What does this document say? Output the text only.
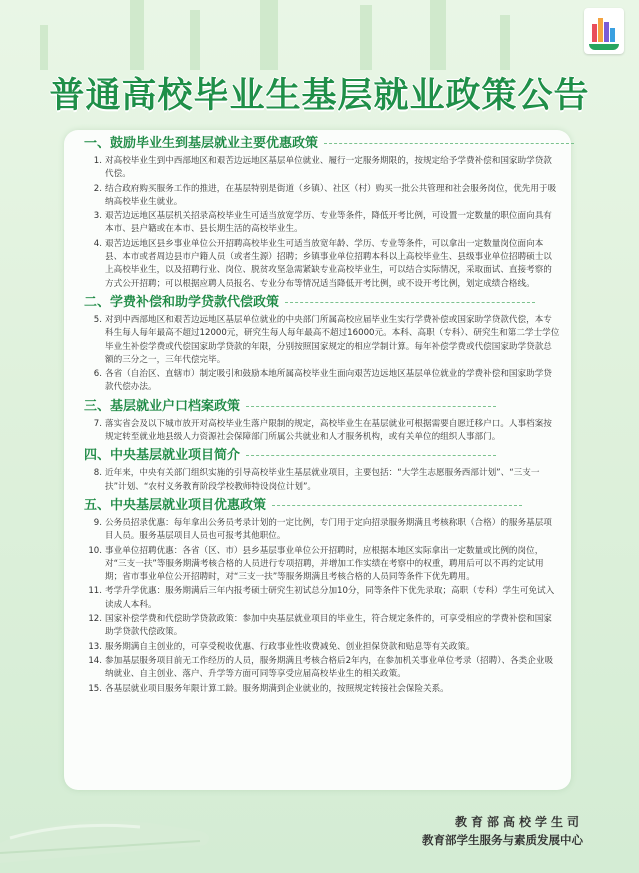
普通高校毕业生基层就业政策公告
一、鼓励毕业生到基层就业主要优惠政策
1. 对高校毕业生到中西部地区和艰苦边远地区基层单位就业、履行一定服务期限的，按规定给予学费补偿和国家助学贷款代偿。
2. 结合政府购买服务工作的推进，在基层特别是街道（乡镇）、社区（村）购买一批公共管理和社会服务岗位，优先用于吸纳高校毕业生就业。
3. 艰苦边远地区基层机关招录高校毕业生可适当放宽学历、专业等条件，降低开考比例，可设置一定数量的职位面向具有本市、县户籍或在本市、县长期生活的高校毕业生。
4. 艰苦边远地区县乡事业单位公开招聘高校毕业生可适当放宽年龄、学历、专业等条件，可以拿出一定数量岗位面向本县、本市或者周边县市户籍人员（或者生源）招聘；乡镇事业单位招聘本科以上高校毕业生、县级事业单位招聘硕士以上高校毕业生，以及招聘行业、岗位、脱贫攻坚急需紧缺专业高校毕业生，可以结合实际情况，采取面试、直接考察的方式公开招聘；可以根据应聘人员报名、专业分布等情况适当降低开考比例，或不设开考比例，划定成绩合格线。
二、学费补偿和助学贷款代偿政策
5. 对到中西部地区和艰苦边远地区基层单位就业的中央部门所属高校应届毕业生实行学费补偿或国家助学贷款代偿，本专科生每人每年最高不超过12000元，研究生每人每年最高不超过16000元。本科、高职（专科）、研究生和第二学士学位毕业生补偿学费或代偿国家助学贷款的年限，分别按照国家规定的相应学制计算。每年补偿学费或代偿国家助学贷款总额的三分之一，三年代偿完毕。
6. 各省（自治区、直辖市）制定吸引和鼓励本地所属高校毕业生面向艰苦边远地区基层单位就业的学费补偿和国家助学贷款代偿办法。
三、基层就业户口档案政策
7. 落实省会及以下城市放开对高校毕业生落户限制的规定，高校毕业生在基层就业可根据需要自愿迁移户口。人事档案按规定转至就业地县级人力资源社会保障部门所属公共就业和人才服务机构，或有关单位的组织人事部门。
四、中央基层就业项目简介
8. 近年来，中央有关部门组织实施的引导高校毕业生基层就业项目，主要包括：“大学生志愿服务西部计划”、“三支一扶”计划、“农村义务教育阶段学校教师特设岗位计划”。
五、中央基层就业项目优惠政策
9. 公务员招录优惠：每年拿出公务员考录计划的一定比例，专门用于定向招录服务期满且考核称职（合格）的服务基层项目人员。服务基层项目人员也可报考其他职位。
10. 事业单位招聘优惠：各省（区、市）县乡基层事业单位公开招聘时，应根据本地区实际拿出一定数量或比例的岗位，对“三支一扶”等服务期满考核合格的人员进行专项招聘，并增加工作实绩在考察中的权重，聘用后可以不再约定试用期；省市事业单位公开招聘时，对“三支一扶”等服务期满且考核合格的人员同等条件下优先聘用。
11. 考学升学优惠：服务期满后三年内报考硕士研究生初试总分加10分，同等条件下优先录取；高职（专科）学生可免试入读成人本科。
12. 国家补偿学费和代偿助学贷款政策：参加中央基层就业项目的毕业生，符合规定条件的，可享受相应的学费补偿和国家助学贷款代偿政策。
13. 服务期满自主创业的，可享受税收优惠、行政事业性收费减免、创业担保贷款和贴息等有关政策。
14. 参加基层服务项目前无工作经历的人员，服务期满且考核合格后2年内，在参加机关事业单位考录（招聘）、各类企业吸纳就业、自主创业、落户、升学等方面可同等享受应届高校毕业生的相关政策。
15. 各基层就业项目服务年限计算工龄。服务期满到企业就业的，按照规定转接社会保险关系。
教育部高校学生司
教育部学生服务与素质发展中心
